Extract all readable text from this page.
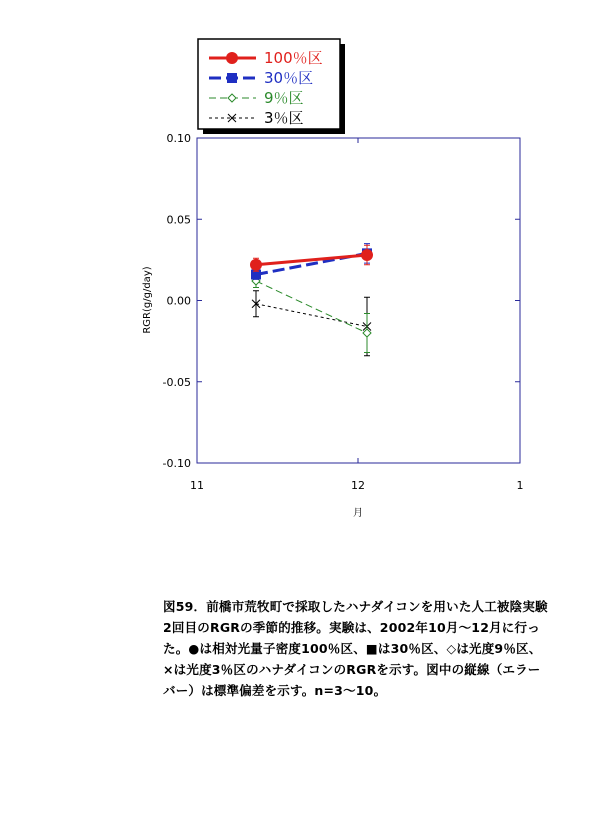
100％区
30％区
9％区
3％区
0.10
0.05
0.00
-0.05
-0.10
11	12	1
RGR(g/g/day)
月

図59．前橋市荒牧町で採取したハナダイコンを用いた人工被陰実験2回目のRGRの季節的推移。実験は、2002年10月～12月に行った。●は相対光量子密度100％区、■は30％区、◇は光度9％区、×は光度3％区のハナダイコンのRGRを示す。図中の縦線（エラーバー）は標準偏差を示す。n=3～10。
